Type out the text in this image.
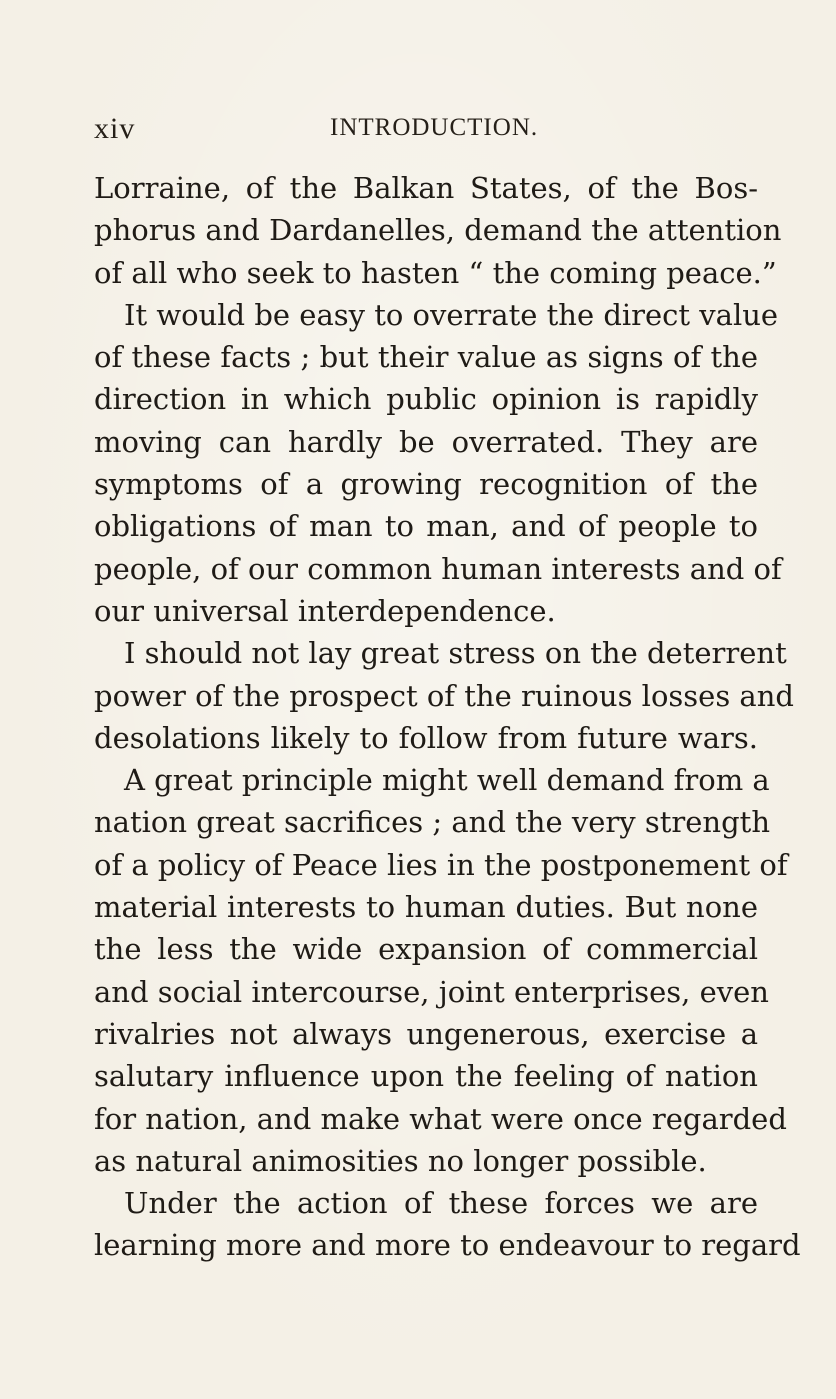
xiv	INTRODUCTION.
Lorraine, of the Balkan States, of the Bos-
phorus and Dardanelles, demand the attention
of all who seek to hasten “ the coming peace.”
It would be easy to overrate the direct value
of these facts ; but their value as signs of the
direction in which public opinion is rapidly
moving can hardly be overrated. They are
symptoms of a growing recognition of the
obligations of man to man, and of people to
people, of our common human interests and of
our universal interdependence.
I should not lay great stress on the deterrent
power of the prospect of the ruinous losses and
desolations likely to follow from future wars.
A great principle might well demand from a
nation great sacrifices ; and the very strength
of a policy of Peace lies in the postponement of
material interests to human duties. But none
the less the wide expansion of commercial
and social intercourse, joint enterprises, even
rivalries not always ungenerous, exercise a
salutary influence upon the feeling of nation
for nation, and make what were once regarded
as natural animosities no longer possible.
Under the action of these forces we are
learning more and more to endeavour to regard
